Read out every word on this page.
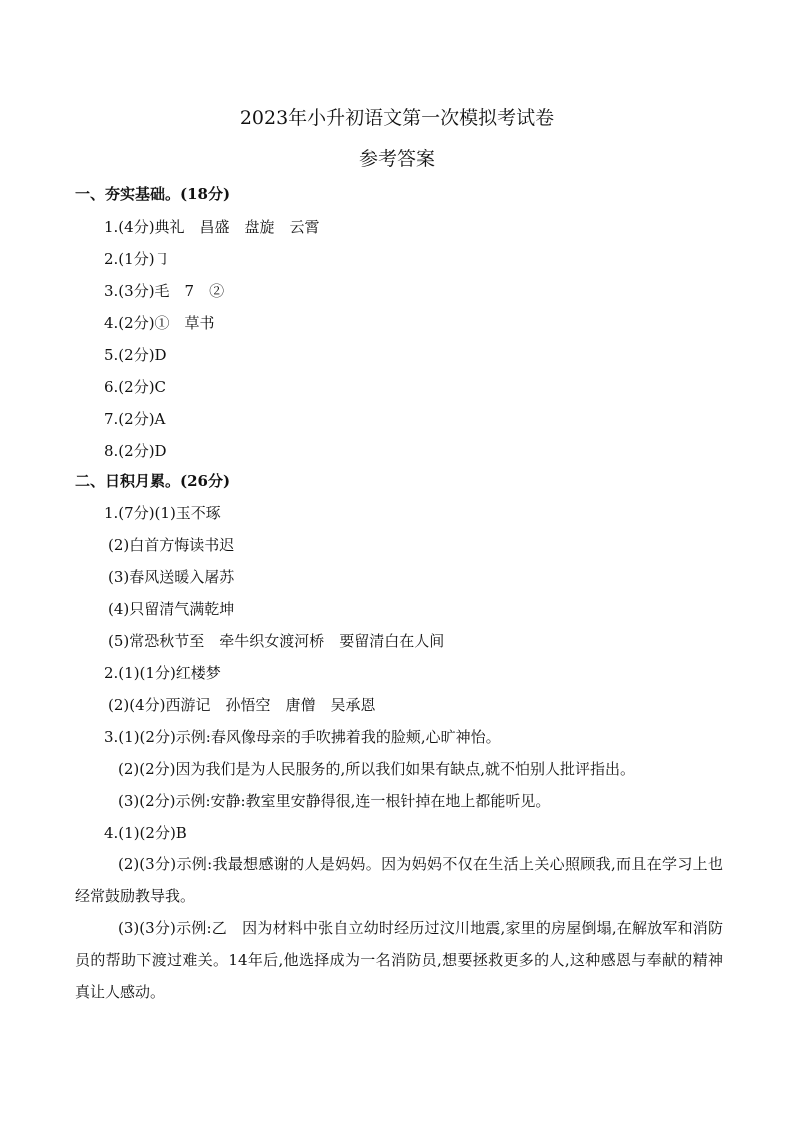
2023年小升初语文第一次模拟考试卷
参考答案
一、夯实基础。(18分)
1.(4分)典礼　昌盛　盘旋　云霄
2.(1分)㇆
3.(3分)毛　7　②
4.(2分)①　草书
5.(2分)D
6.(2分)C
7.(2分)A
8.(2分)D
二、日积月累。(26分)
1.(7分)(1)玉不琢
(2)白首方悔读书迟
(3)春风送暖入屠苏
(4)只留清气满乾坤
(5)常恐秋节至　牵牛织女渡河桥　要留清白在人间
2.(1)(1分)红楼梦
(2)(4分)西游记　孙悟空　唐僧　吴承恩
3.(1)(2分)示例:春风像母亲的手吹拂着我的脸颊,心旷神怡。
(2)(2分)因为我们是为人民服务的,所以我们如果有缺点,就不怕别人批评指出。
(3)(2分)示例:安静:教室里安静得很,连一根针掉在地上都能听见。
4.(1)(2分)B
(2)(3分)示例:我最想感谢的人是妈妈。因为妈妈不仅在生活上关心照顾我,而且在学习上也经常鼓励教导我。
(3)(3分)示例:乙　因为材料中张自立幼时经历过汶川地震,家里的房屋倒塌,在解放军和消防员的帮助下渡过难关。14年后,他选择成为一名消防员,想要拯救更多的人,这种感恩与奉献的精神真让人感动。
